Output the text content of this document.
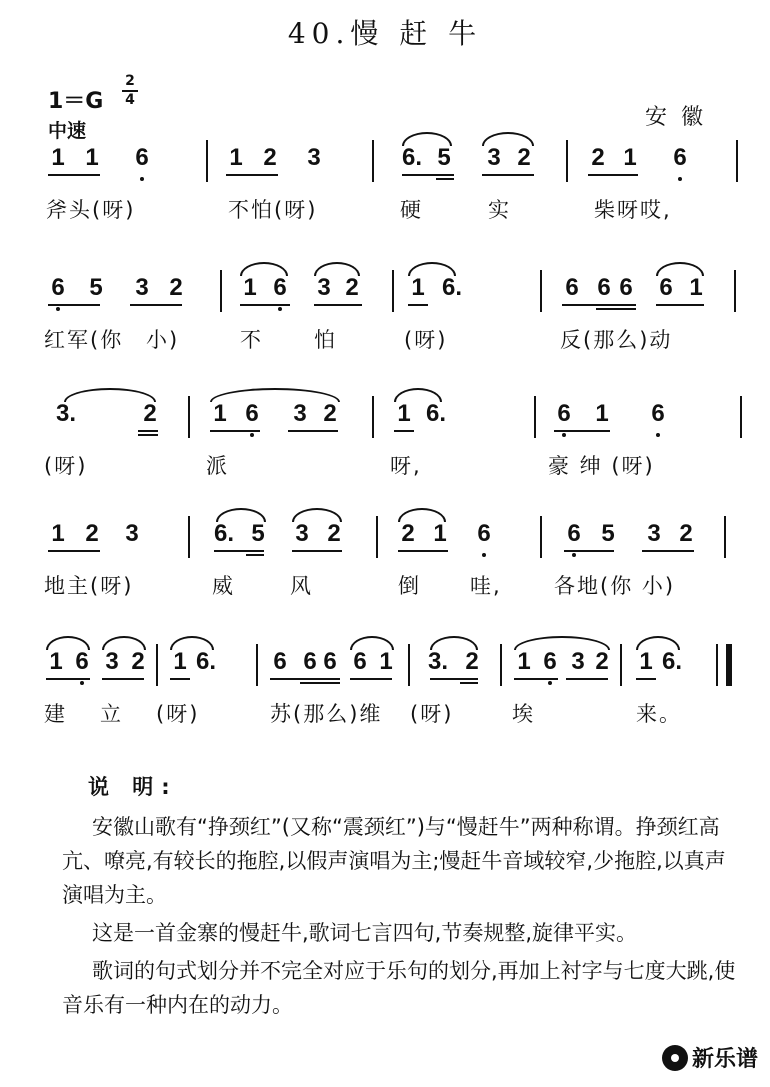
40.慢 赶 牛
1＝G
2
4
中速
安徽
1 1 6	1 2 3	6. 5 3 2	2 1 6
斧头(呀)	不怕(呀)	硬	实	柴呀哎,
6 5 3 2	1 6 3 2 1 6.	6 6 6 6 1
红军(你 小)	不 怕	(呀)	反(那么)动
3.	2 1 6 3 2	1 6.	6 1 6
(呀)	派	呀,	豪 绅 (呀)
1 2 3	6. 5 3 2	2 1 6	6 5 3 2
地主(呀)	威	风	倒 哇, 各地(你 小)
1 6 3 2 1 6. 6 6 6 6 1 3. 2 1 6 3 2 1 6.
建 立 (呀)	苏(那么)维 (呀)	埃	来。

说 明:

安徽山歌有“挣颈红”(又称“震颈红”)与“慢赶牛”两种称谓。挣颈红高亢、嘹亮,有较长的拖腔,以假声演唱为主;慢赶牛音域较窄,少拖腔,以真声演唱为主。

这是一首金寨的慢赶牛,歌词七言四句,节奏规整,旋律平实。

歌词的句式划分并不完全对应于乐句的划分,再加上衬字与七度大跳,使音乐有一种内在的动力。

新乐谱
